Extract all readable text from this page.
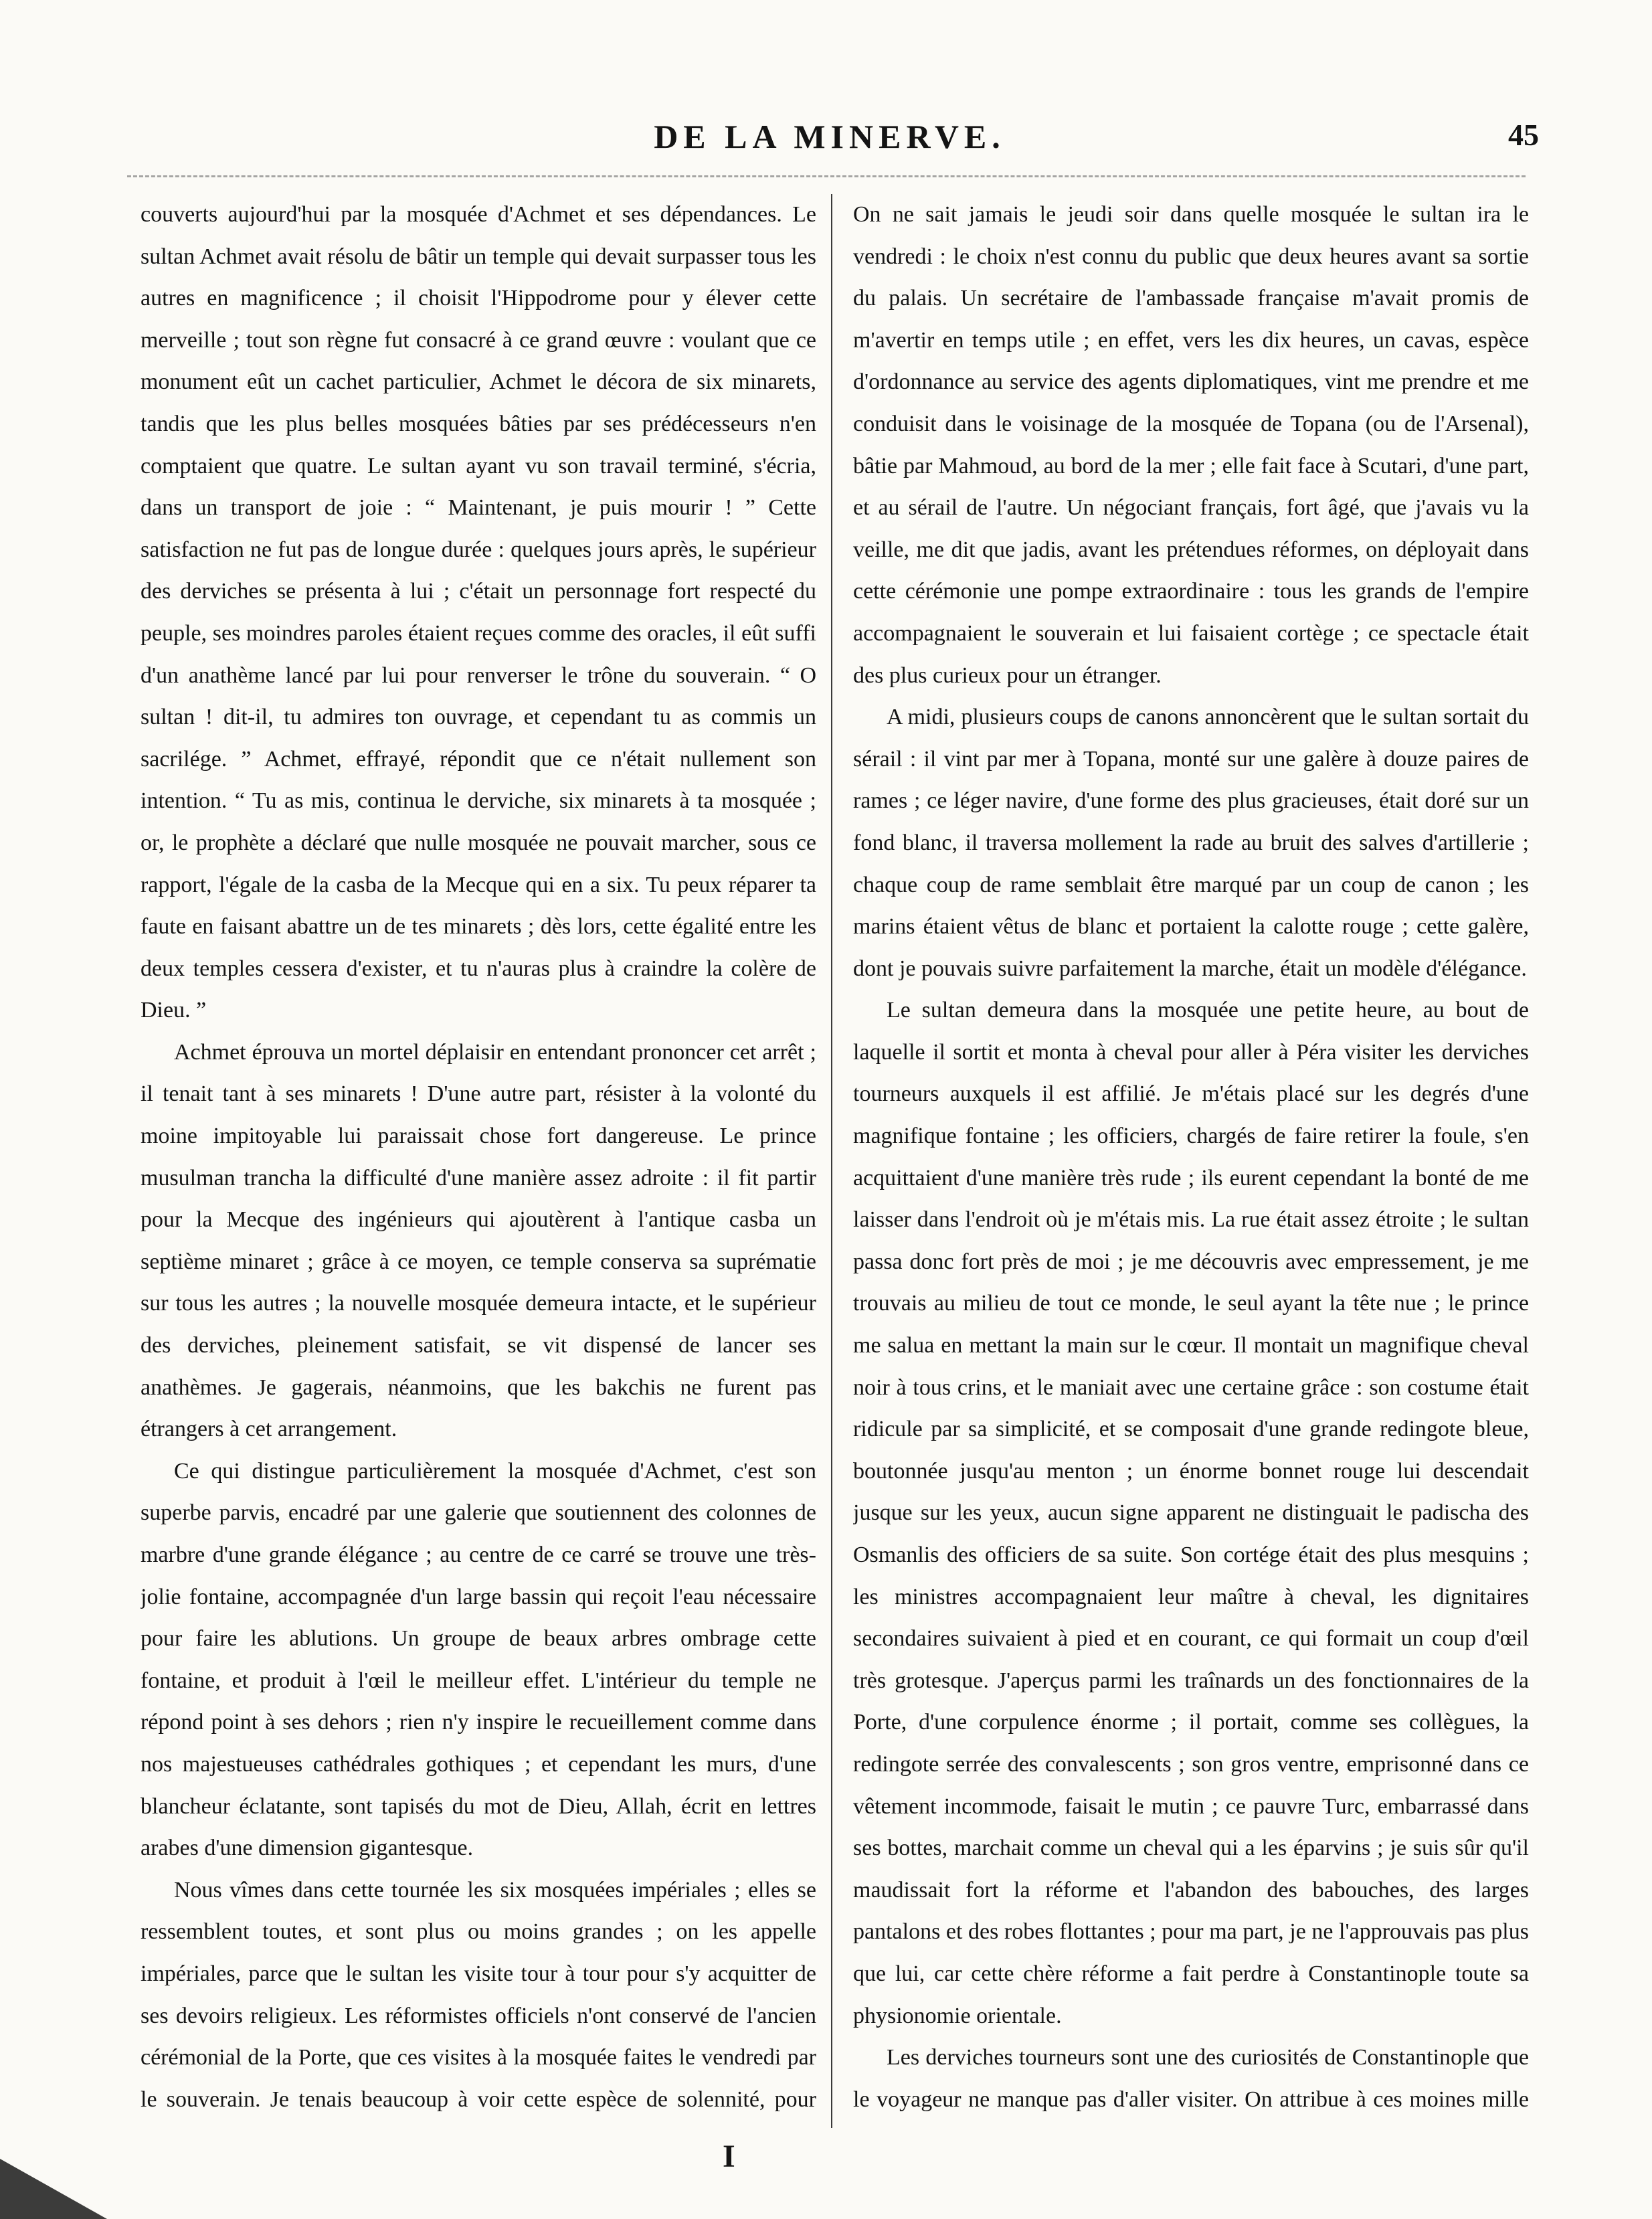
DE LA MINERVE.	45

couverts aujourd'hui par la mosquée d'Achmet et ses dépendances. Le sultan Achmet avait résolu de bâtir un temple qui devait surpasser tous les autres en magnificence ; il choisit l'Hippodrome pour y élever cette merveille ; tout son règne fut consacré à ce grand œuvre : voulant que ce monument eût un cachet particulier, Achmet le décora de six minarets, tandis que les plus belles mosquées bâties par ses prédécesseurs n'en comptaient que quatre. Le sultan ayant vu son travail terminé, s'écria, dans un transport de joie : “ Maintenant, je puis mourir ! ” Cette satisfaction ne fut pas de longue durée : quelques jours après, le supérieur des derviches se présenta à lui ; c'était un personnage fort respecté du peuple, ses moindres paroles étaient reçues comme des oracles, il eût suffi d'un anathème lancé par lui pour renverser le trône du souverain. “ O sultan ! dit-il, tu admires ton ouvrage, et cependant tu as commis un sacrilége. ” Achmet, effrayé, répondit que ce n'était nullement son intention. “ Tu as mis, continua le derviche, six minarets à ta mosquée ; or, le prophète a déclaré que nulle mosquée ne pouvait marcher, sous ce rapport, l'égale de la casba de la Mecque qui en a six. Tu peux réparer ta faute en faisant abattre un de tes minarets ; dès lors, cette égalité entre les deux temples cessera d'exister, et tu n'auras plus à craindre la colère de Dieu. ”

Achmet éprouva un mortel déplaisir en entendant prononcer cet arrêt ; il tenait tant à ses minarets ! D'une autre part, résister à la volonté du moine impitoyable lui paraissait chose fort dangereuse. Le prince musulman trancha la difficulté d'une manière assez adroite : il fit partir pour la Mecque des ingénieurs qui ajoutèrent à l'antique casba un septième minaret ; grâce à ce moyen, ce temple conserva sa suprématie sur tous les autres ; la nouvelle mosquée demeura intacte, et le supérieur des derviches, pleinement satisfait, se vit dispensé de lancer ses anathèmes. Je gagerais, néanmoins, que les bakchis ne furent pas étrangers à cet arrangement.

Ce qui distingue particulièrement la mosquée d'Achmet, c'est son superbe parvis, encadré par une galerie que soutiennent des colonnes de marbre d'une grande élégance ; au centre de ce carré se trouve une très-jolie fontaine, accompagnée d'un large bassin qui reçoit l'eau nécessaire pour faire les ablutions. Un groupe de beaux arbres ombrage cette fontaine, et produit à l'œil le meilleur effet. L'intérieur du temple ne répond point à ses dehors ; rien n'y inspire le recueillement comme dans nos majestueuses cathédrales gothiques ; et cependant les murs, d'une blancheur éclatante, sont tapisés du mot de Dieu, Allah, écrit en lettres arabes d'une dimension gigantesque.

Nous vîmes dans cette tournée les six mosquées impériales ; elles se ressemblent toutes, et sont plus ou moins grandes ; on les appelle impériales, parce que le sultan les visite tour à tour pour s'y acquitter de ses devoirs religieux. Les réformistes officiels n'ont conservé de l'ancien cérémonial de la Porte, que ces visites à la mosquée faites le vendredi par le souverain. Je tenais beaucoup à voir cette espèce de solennité, pour

On ne sait jamais le jeudi soir dans quelle mosquée le sultan ira le vendredi : le choix n'est connu du public que deux heures avant sa sortie du palais. Un secrétaire de l'ambassade française m'avait promis de m'avertir en temps utile ; en effet, vers les dix heures, un cavas, espèce d'ordonnance au service des agents diplomatiques, vint me prendre et me conduisit dans le voisinage de la mosquée de Topana (ou de l'Arsenal), bâtie par Mahmoud, au bord de la mer ; elle fait face à Scutari, d'une part, et au sérail de l'autre. Un négociant français, fort âgé, que j'avais vu la veille, me dit que jadis, avant les prétendues réformes, on déployait dans cette cérémonie une pompe extraordinaire : tous les grands de l'empire accompagnaient le souverain et lui faisaient cortège ; ce spectacle était des plus curieux pour un étranger.

A midi, plusieurs coups de canons annoncèrent que le sultan sortait du sérail : il vint par mer à Topana, monté sur une galère à douze paires de rames ; ce léger navire, d'une forme des plus gracieuses, était doré sur un fond blanc, il traversa mollement la rade au bruit des salves d'artillerie ; chaque coup de rame semblait être marqué par un coup de canon ; les marins étaient vêtus de blanc et portaient la calotte rouge ; cette galère, dont je pouvais suivre parfaitement la marche, était un modèle d'élégance.

Le sultan demeura dans la mosquée une petite heure, au bout de laquelle il sortit et monta à cheval pour aller à Péra visiter les derviches tourneurs auxquels il est affilié. Je m'étais placé sur les degrés d'une magnifique fontaine ; les officiers, chargés de faire retirer la foule, s'en acquittaient d'une manière très rude ; ils eurent cependant la bonté de me laisser dans l'endroit où je m'étais mis. La rue était assez étroite ; le sultan passa donc fort près de moi ; je me découvris avec empressement, je me trouvais au milieu de tout ce monde, le seul ayant la tête nue ; le prince me salua en mettant la main sur le cœur. Il montait un magnifique cheval noir à tous crins, et le maniait avec une certaine grâce : son costume était ridicule par sa simplicité, et se composait d'une grande redingote bleue, boutonnée jusqu'au menton ; un énorme bonnet rouge lui descendait jusque sur les yeux, aucun signe apparent ne distinguait le padischa des Osmanlis des officiers de sa suite. Son cortége était des plus mesquins ; les ministres accompagnaient leur maître à cheval, les dignitaires secondaires suivaient à pied et en courant, ce qui formait un coup d'œil très grotesque. J'aperçus parmi les traînards un des fonctionnaires de la Porte, d'une corpulence énorme ; il portait, comme ses collègues, la redingote serrée des convalescents ; son gros ventre, emprisonné dans ce vêtement incommode, faisait le mutin ; ce pauvre Turc, embarrassé dans ses bottes, marchait comme un cheval qui a les éparvins ; je suis sûr qu'il maudissait fort la réforme et l'abandon des babouches, des larges pantalons et des robes flottantes ; pour ma part, je ne l'approuvais pas plus que lui, car cette chère réforme a fait perdre à Constantinople toute sa physionomie orientale.

Les derviches tourneurs sont une des curiosités de Constantinople que le voyageur ne manque pas d'aller visiter. On attribue à ces moines mille

I
